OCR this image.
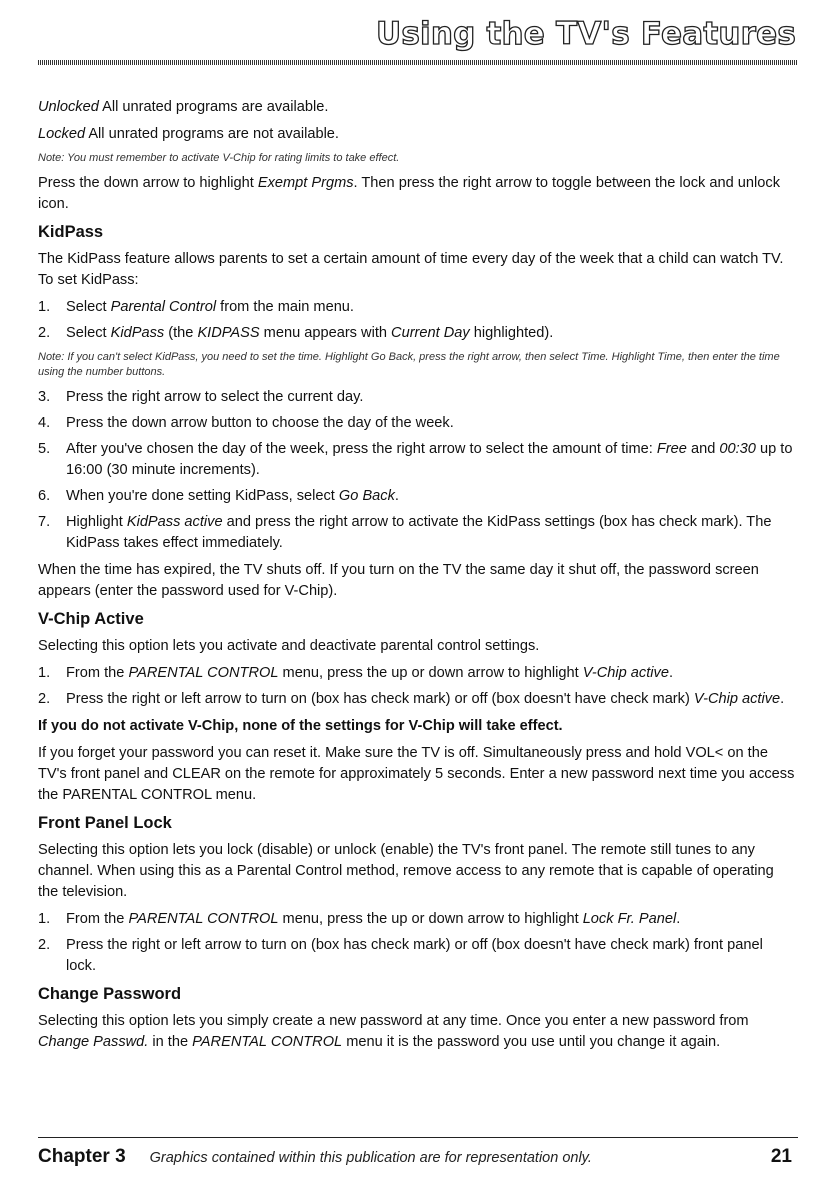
Using the TV's Features

Unlocked All unrated programs are available.

Locked All unrated programs are not available.

Note: You must remember to activate V-Chip for rating limits to take effect.

Press the down arrow to highlight Exempt Prgms. Then press the right arrow to toggle between the lock and unlock icon.

KidPass

The KidPass feature allows parents to set a certain amount of time every day of the week that a child can watch TV. To set KidPass:

1.	Select Parental Control from the main menu.
2.	Select KidPass (the KIDPASS menu appears with Current Day highlighted).

Note: If you can't select KidPass, you need to set the time. Highlight Go Back, press the right arrow, then select Time. Highlight Time, then enter the time using the number buttons.

3.	Press the right arrow to select the current day.
4.	Press the down arrow button to choose the day of the week.
5.	After you've chosen the day of the week, press the right arrow to select the amount of time: Free and 00:30 up to 16:00 (30 minute increments).
6.	When you're done setting KidPass, select Go Back.
7.	Highlight KidPass active and press the right arrow to activate the KidPass settings (box has check mark). The KidPass takes effect immediately.

When the time has expired, the TV shuts off. If you turn on the TV the same day it shut off, the password screen appears (enter the password used for V-Chip).

V-Chip Active

Selecting this option lets you activate and deactivate parental control settings.

1.	From the PARENTAL CONTROL menu, press the up or down arrow to highlight V-Chip active.
2.	Press the right or left arrow to turn on (box has check mark) or off (box doesn't have check mark) V-Chip active.
If you do not activate V-Chip, none of the settings for V-Chip will take effect.

If you forget your password you can reset it. Make sure the TV is off. Simultaneously press and hold VOL< on the TV's front panel and CLEAR on the remote for approximately 5 seconds. Enter a new password next time you access the PARENTAL CONTROL menu.

Front Panel Lock

Selecting this option lets you lock (disable) or unlock (enable) the TV's front panel. The remote still tunes to any channel. When using this as a Parental Control method, remove access to any remote that is capable of operating the television.

1.	From the PARENTAL CONTROL menu, press the up or down arrow to highlight Lock Fr. Panel.
2.	Press the right or left arrow to turn on (box has check mark) or off (box doesn't have check mark) front panel lock.
Change Password

Selecting this option lets you simply create a new password at any time. Once you enter a new password from Change Passwd. in the PARENTAL CONTROL menu it is the password you use until you change it again.

Chapter 3 Graphics contained within this publication are for representation only.	21
